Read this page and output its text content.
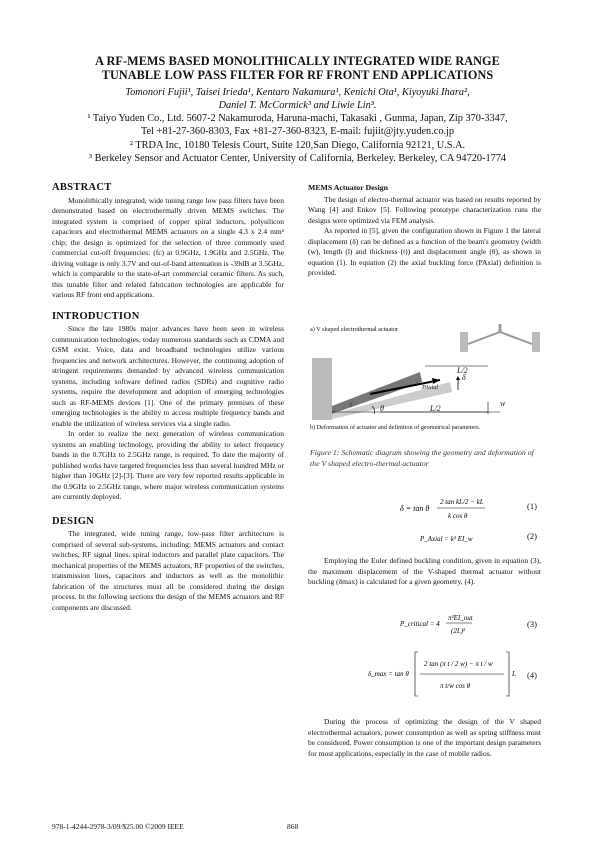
A RF-MEMS BASED MONOLITHICALLY INTEGRATED WIDE RANGE
TUNABLE LOW PASS FILTER FOR RF FRONT END APPLICATIONS
Tomonori Fujii¹, Taisei Irieda¹, Kentaro Nakamura¹, Kenichi Ota¹, Kiyoyuki Ihara²,
Daniel T. McCormick³ and Liwie Lin³.
¹ Taiyo Yuden Co., Ltd. 5607-2 Nakamuroda, Haruna-machi, Takasaki , Gunma, Japan, Zip 370-3347,
Tel +81-27-360-8303, Fax +81-27-360-8323, E-mail: fujiit@jty.yuden.co.jp
² TRDA Inc, 10180 Telesis Court, Suite 120,San Diego, California 92121, U.S.A.
³ Berkeley Sensor and Actuator Center, University of California, Berkeley. Berkeley, CA 94720-1774
ABSTRACT

Monolithically integrated, wide tuning range low pass filters have been demonstrated based on electrothermally driven MEMS switches. The integrated system is comprised of copper spiral inductors, polysilicon capacitors and electrothermal MEMS actuators on a single 4.3 x 2.4 mm² chip; the design is optimized for the selection of three commonly used commercial cut-off frequencies: (fc) at 0.9GHz, 1.9GHz and 2.5GHz. The driving voltage is only 3.7V and out-of-band attenuation is -39dB at 3.5GHz, which is comparable to the state-of-art commercial ceramic filters. As such, this tunable filter and related fabrication technologies are applicable for various RF front end applications.

INTRODUCTION

Since the late 1980s major advances have been seen in wireless communication technologies, today numerous standards such as CDMA and GSM exist. Voice, data and broadband technologies utilize various frequencies and network architectures. However, the continuing adoption of stringent requirements demanded by advanced wireless communication systems, including software defined radios (SDRs) and cognitive radio systems, require the development and adoption of emerging technologies such as RF-MEMS devices [1]. One of the primary premises of these emerging technologies is the ability to access multiple frequency bands and enable the utilization of wireless services via a single radio.

In order to realize the next generation of wireless communication systems an enabling technology, providing the ability to select frequency bands in the 0.7GHz to 2.5GHz range, is required. To date the majority of published works have targeted frequencies less than several hundred MHz or higher than 10GHz [2]-[3]. There are very few reported results applicable in the 0.9GHz to 2.5GHz range, where major wireless communication systems are currently deployed.

DESIGN

The integrated, wide tuning range, low-pass filter architecture is comprised of several sub-systems, including: MEMS actuators and contact switches, RF signal lines, spiral inductors and parallel plate capacitors. The mechanical properties of the MEMS actuators, RF properties of the switches, transmission lines, capacitors and inductors as well as the monolithic fabrication of the structures must all be considered during the design process. In the following sections the design of the MEMS actuators and RF components are discussed.

MEMS Actuator Design

The design of electro-thermal actuator was based on results reported by Wang [4] and Enkov [5]. Following prototype characterization runs the designs were optimized via FEM analysis.

As reported in [5], given the configuration shown in Figure 1 the lateral displacement (δ) can be defined as a function of the beam's geometry (width (w), length (l) and thickness (t)) and displacement angle (θ), as shown in equation (1). In equation (2) the axial buckling force (PAxial) definition is provided.

a) V shaped electrothermal actuator
L/2
PAxial
δ
θ	L/2
w
t
b) Deformation of actuator and definition of geometrical parameters.
Figure 1: Schematic diagram showing the geometry and deformation of the V shaped electro-thermal actuator
δ = tan θ
2 tan kL/2 − kL
k cos θ
(1)
P_Axial = k² EI_w	(2)

Employing the Euler defined buckling condition, given in equation (3), the maximum displacement of the V-shaped thermal actuator without buckling (δmax) is calculated for a given geometry, (4).

P_critical = 4
π²EI_out
(2L)²
(3)
δ_max = tan θ
2 tan (π t / 2 w) − π t / w
π t/w cos θ
L (4)

During the process of optimizing the design of the V shaped electrothermal actuators, power consumption as well as spring stiffness must be considered. Power consumption is one of the important design parameters for most applications, especially in the case of mobile radios.

978-1-4244-2978-3/09/$25.00 ©2009 IEEE	868
